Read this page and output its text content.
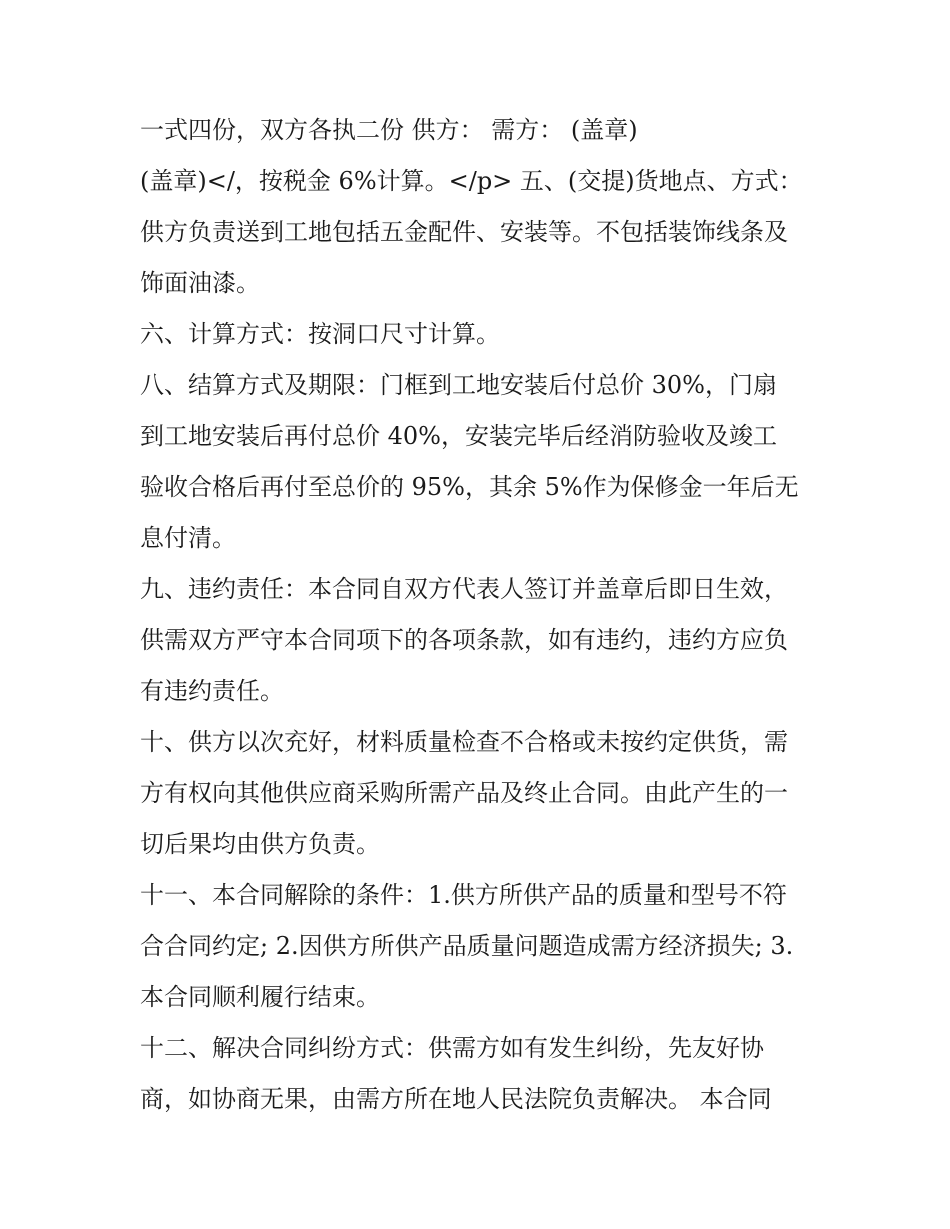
一式四份，双方各执二份 供方： 需方： (盖章)
(盖章)</，按税金 6%计算。</p> 五、(交提)货地点、方式：
供方负责送到工地包括五金配件、安装等。不包括装饰线条及
饰面油漆。
六、计算方式：按洞口尺寸计算。
八、结算方式及期限：门框到工地安装后付总价 30%，门扇
到工地安装后再付总价 40%，安装完毕后经消防验收及竣工
验收合格后再付至总价的 95%，其余 5%作为保修金一年后无
息付清。
九、违约责任：本合同自双方代表人签订并盖章后即日生效，
供需双方严守本合同项下的各项条款，如有违约，违约方应负
有违约责任。
十、供方以次充好，材料质量检查不合格或未按约定供货，需
方有权向其他供应商采购所需产品及终止合同。由此产生的一
切后果均由供方负责。
十一、本合同解除的条件：1.供方所供产品的质量和型号不符
合合同约定; 2.因供方所供产品质量问题造成需方经济损失; 3.
本合同顺利履行结束。
十二、解决合同纠纷方式：供需方如有发生纠纷，先友好协
商，如协商无果，由需方所在地人民法院负责解决。 本合同
